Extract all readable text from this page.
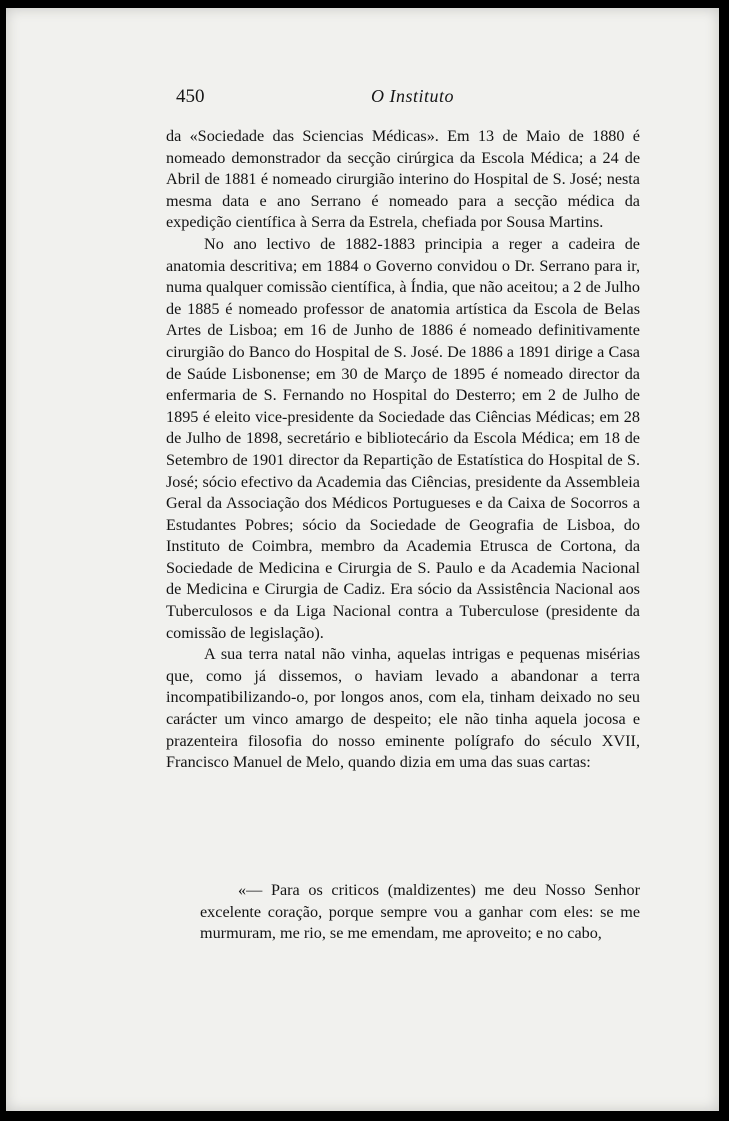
450	O Instituto

da «Sociedade das Sciencias Médicas». Em 13 de Maio de 1880 é nomeado demonstrador da secção cirúrgica da Escola Médica; a 24 de Abril de 1881 é nomeado cirurgião interino do Hospital de S. José; nesta mesma data e ano Serrano é nomeado para a secção médica da expedição científica à Serra da Estrela, chefiada por Sousa Martins.

No ano lectivo de 1882-1883 principia a reger a cadeira de anatomia descritiva; em 1884 o Governo convidou o Dr. Serrano para ir, numa qualquer comissão científica, à Índia, que não aceitou; a 2 de Julho de 1885 é nomeado professor de anatomia artística da Escola de Belas Artes de Lisboa; em 16 de Junho de 1886 é nomeado definitivamente cirurgião do Banco do Hospital de S. José. De 1886 a 1891 dirige a Casa de Saúde Lisbonense; em 30 de Março de 1895 é nomeado director da enfermaria de S. Fernando no Hospital do Desterro; em 2 de Julho de 1895 é eleito vice-presidente da Sociedade das Ciências Médicas; em 28 de Julho de 1898, secretário e bibliotecário da Escola Médica; em 18 de Setembro de 1901 director da Repartição de Estatística do Hospital de S. José; sócio efectivo da Academia das Ciências, presidente da Assembleia Geral da Associação dos Médicos Portugueses e da Caixa de Socorros a Estudantes Pobres; sócio da Sociedade de Geografia de Lisboa, do Instituto de Coimbra, membro da Academia Etrusca de Cortona, da Sociedade de Medicina e Cirurgia de S. Paulo e da Academia Nacional de Medicina e Cirurgia de Cadiz. Era sócio da Assistência Nacional aos Tuberculosos e da Liga Nacional contra a Tuberculose (presidente da comissão de legislação).

A sua terra natal não vinha, aquelas intrigas e pequenas misérias que, como já dissemos, o haviam levado a abandonar a terra incompatibilizando-o, por longos anos, com ela, tinham deixado no seu carácter um vinco amargo de despeito; ele não tinha aquela jocosa e prazenteira filosofia do nosso eminente polígrafo do século XVII, Francisco Manuel de Melo, quando dizia em uma das suas cartas:

«— Para os criticos (maldizentes) me deu Nosso Senhor excelente coração, porque sempre vou a ganhar com eles: se me murmuram, me rio, se me emendam, me aproveito; e no cabo,
